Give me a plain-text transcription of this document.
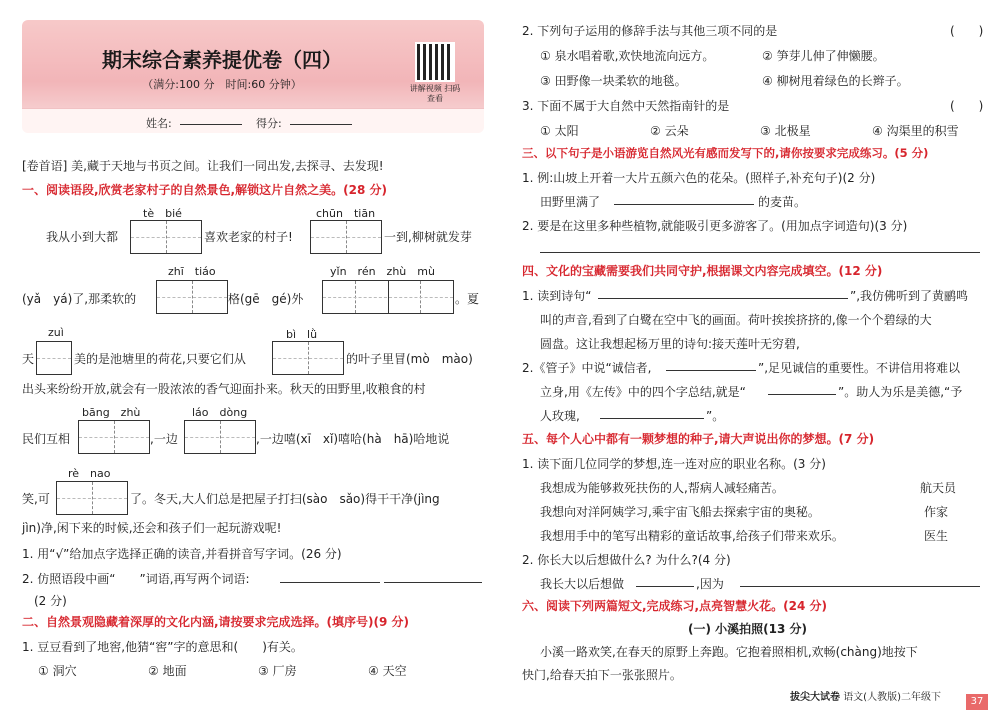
期末综合素养提优卷（四）
（满分:100 分　时间:60 分钟）	讲解视频 扫码查看
姓名:	得分:
[卷首语] 美,藏于天地与书页之间。让我们一同出发,去探寻、去发现!
一、阅读语段,欣赏老家村子的自然景色,解锁这片自然之美。(28 分)
tè　bié	chūn　tiān
我从小到大都	喜欢老家的村子!	一到,柳树就发芽
zhī　tiáo	yǐn　rén　zhù　mù
(yǎ　yá)了,那柔软的	格(gē　gé)外	。夏
zuì	bì　lǜ
天	美的是池塘里的荷花,只要它们从	的叶子里冒(mò　mào)
出头来纷纷开放,就会有一股浓浓的香气迎面扑来。秋天的田野里,收粮食的村
bāng　zhù	láo　dòng
民们互相	,一边	,一边嘻(xī　xǐ)嘻哈(hà　hā)哈地说
rè　nao
笑,可	了。冬天,大人们总是把屋子打扫(sào　sǎo)得干干净(jìng
jìn)净,闲下来的时候,还会和孩子们一起玩游戏呢!
1. 用“√”给加点字选择正确的读音,并看拼音写字词。(26 分)
2. 仿照语段中画“　　”词语,再写两个词语:
(2 分)
二、自然景观隐藏着深厚的文化内涵,请按要求完成选择。(填序号)(9 分)
1. 豆豆看到了地窖,他猜“窖”字的意思和(　　)有关。
① 洞穴	② 地面	③ 厂房	④ 天空
2. 下列句子运用的修辞手法与其他三项不同的是	(　　)
① 泉水唱着歌,欢快地流向远方。	② 笋芽儿伸了伸懒腰。
③ 田野像一块柔软的地毯。	④ 柳树甩着绿色的长辫子。
3. 下面不属于大自然中天然指南针的是	(　　)
① 太阳	② 云朵	③ 北极星	④ 沟渠里的积雪
三、以下句子是小语游览自然风光有感而发写下的,请你按要求完成练习。(5 分)
1. 例:山坡上开着一大片五颜六色的花朵。(照样子,补充句子)(2 分)
田野里满了	的麦苗。
2. 要是在这里多种些植物,就能吸引更多游客了。(用加点字词造句)(3 分)
四、文化的宝藏需要我们共同守护,根据课文内容完成填空。(12 分)
1. 读到诗句“	”,我仿佛听到了黄鹂鸣
叫的声音,看到了白鹭在空中飞的画面。荷叶挨挨挤挤的,像一个个碧绿的大
圆盘。这让我想起杨万里的诗句:接天莲叶无穷碧,
2.《管子》中说“诚信者,	”,足见诚信的重要性。不讲信用将难以
立身,用《左传》中的四个字总结,就是“	”。助人为乐是美德,“予
人玫瑰,	”。
五、每个人心中都有一颗梦想的种子,请大声说出你的梦想。(7 分)
1. 读下面几位同学的梦想,连一连对应的职业名称。(3 分)
我想成为能够救死扶伤的人,帮病人减轻痛苦。	航天员
我想向对洋阿姨学习,乘宇宙飞船去探索宇宙的奥秘。	作家
我想用手中的笔写出精彩的童话故事,给孩子们带来欢乐。	医生
2. 你长大以后想做什么? 为什么?(4 分)
我长大以后想做	,因为
六、阅读下列两篇短文,完成练习,点亮智慧火花。(24 分)
(一) 小溪拍照(13 分)
小溪一路欢笑,在春天的原野上奔跑。它抱着照相机,欢畅(chàng)地按下
快门,给春天拍下一张张照片。
拔尖大试卷 语文(人教版)二年级下	37
